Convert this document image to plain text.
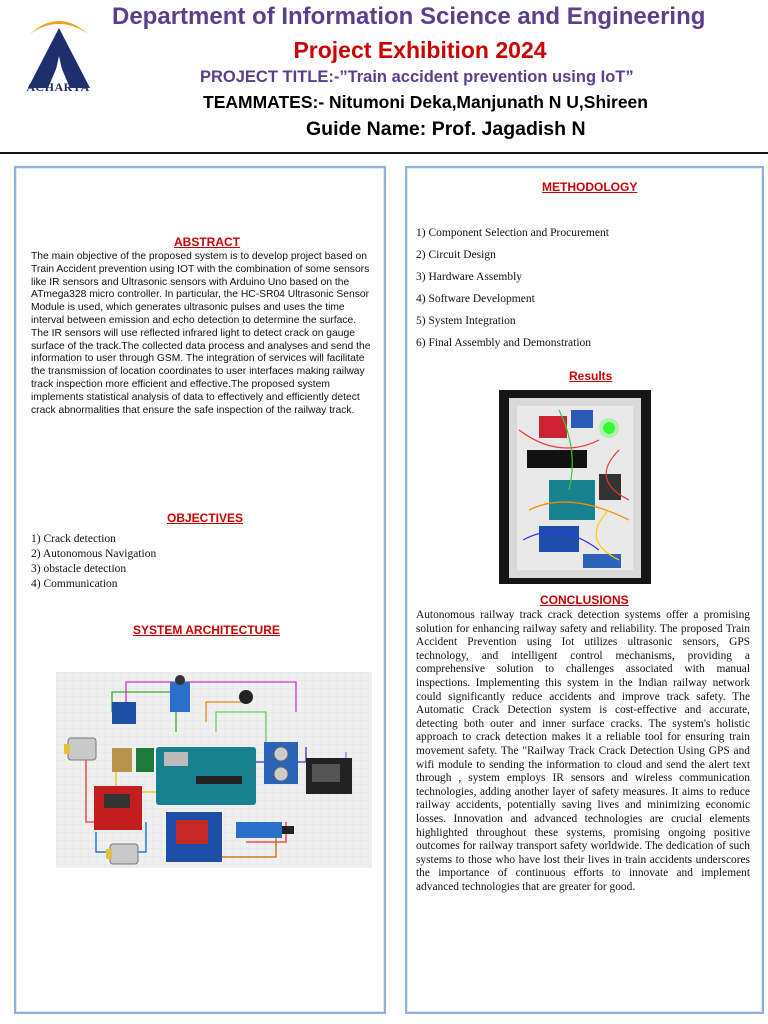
ACHARYA
Department of Information Science and Engineering
Project Exhibition 2024
PROJECT TITLE:-”Train accident prevention using IoT”
TEAMMATES:- Nitumoni Deka,Manjunath N U,Shireen
Guide Name: Prof. Jagadish N
ABSTRACT
The main objective of the proposed system is to develop project based on Train Accident prevention using IOT with the combination of some sensors like IR sensors and Ultrasonic sensors with Arduino Uno based on the ATmega328 micro controller. In particular, the HC-SR04 Ultrasonic Sensor Module is used, which generates ultrasonic pulses and uses the time interval between emission and echo detection to determine the surface. The IR sensors will use reflected infrared light to detect crack on gauge surface of the track.The collected data process and analyses and send the information to user through GSM. The integration of services will facilitate the transmission of location coordinates to user interfaces making railway track inspection more efficient and effective.The proposed system implements statistical analysis of data to effectively and efficiently detect crack abnormalities that ensure the safe inspection of the railway track.
OBJECTIVES
1) Crack detection
2) Autonomous Navigation
3) obstacle detection
4) Communication
SYSTEM ARCHITECTURE
METHODOLOGY
1) Component Selection and Procurement
2) Circuit Design
3) Hardware Assembly
4) Software Development
5) System Integration
6) Final Assembly and Demonstration
Results
CONCLUSIONS
Autonomous railway track crack detection systems offer a promising solution for enhancing railway safety and reliability. The proposed Train Accident Prevention using Iot utilizes ultrasonic sensors, GPS technology, and intelligent control mechanisms, providing a comprehensive solution to challenges associated with manual inspections. Implementing this system in the Indian railway network could significantly reduce accidents and improve track safety. The Automatic Crack Detection system is cost-effective and accurate, detecting both outer and inner surface cracks. The system's holistic approach to crack detection makes it a reliable tool for ensuring train movement safety. The "Railway Track Crack Detection Using GPS and wifi module to sending the information to cloud and send the alert text through , system employs IR sensors and wireless communication technologies, adding another layer of safety measures. It aims to reduce railway accidents, potentially saving lives and minimizing economic losses. Innovation and advanced technologies are crucial elements highlighted throughout these systems, promising ongoing positive outcomes for railway transport safety worldwide. The dedication of such systems to those who have lost their lives in train accidents underscores the importance of continuous efforts to innovate and implement advanced technologies that are greater for good.
